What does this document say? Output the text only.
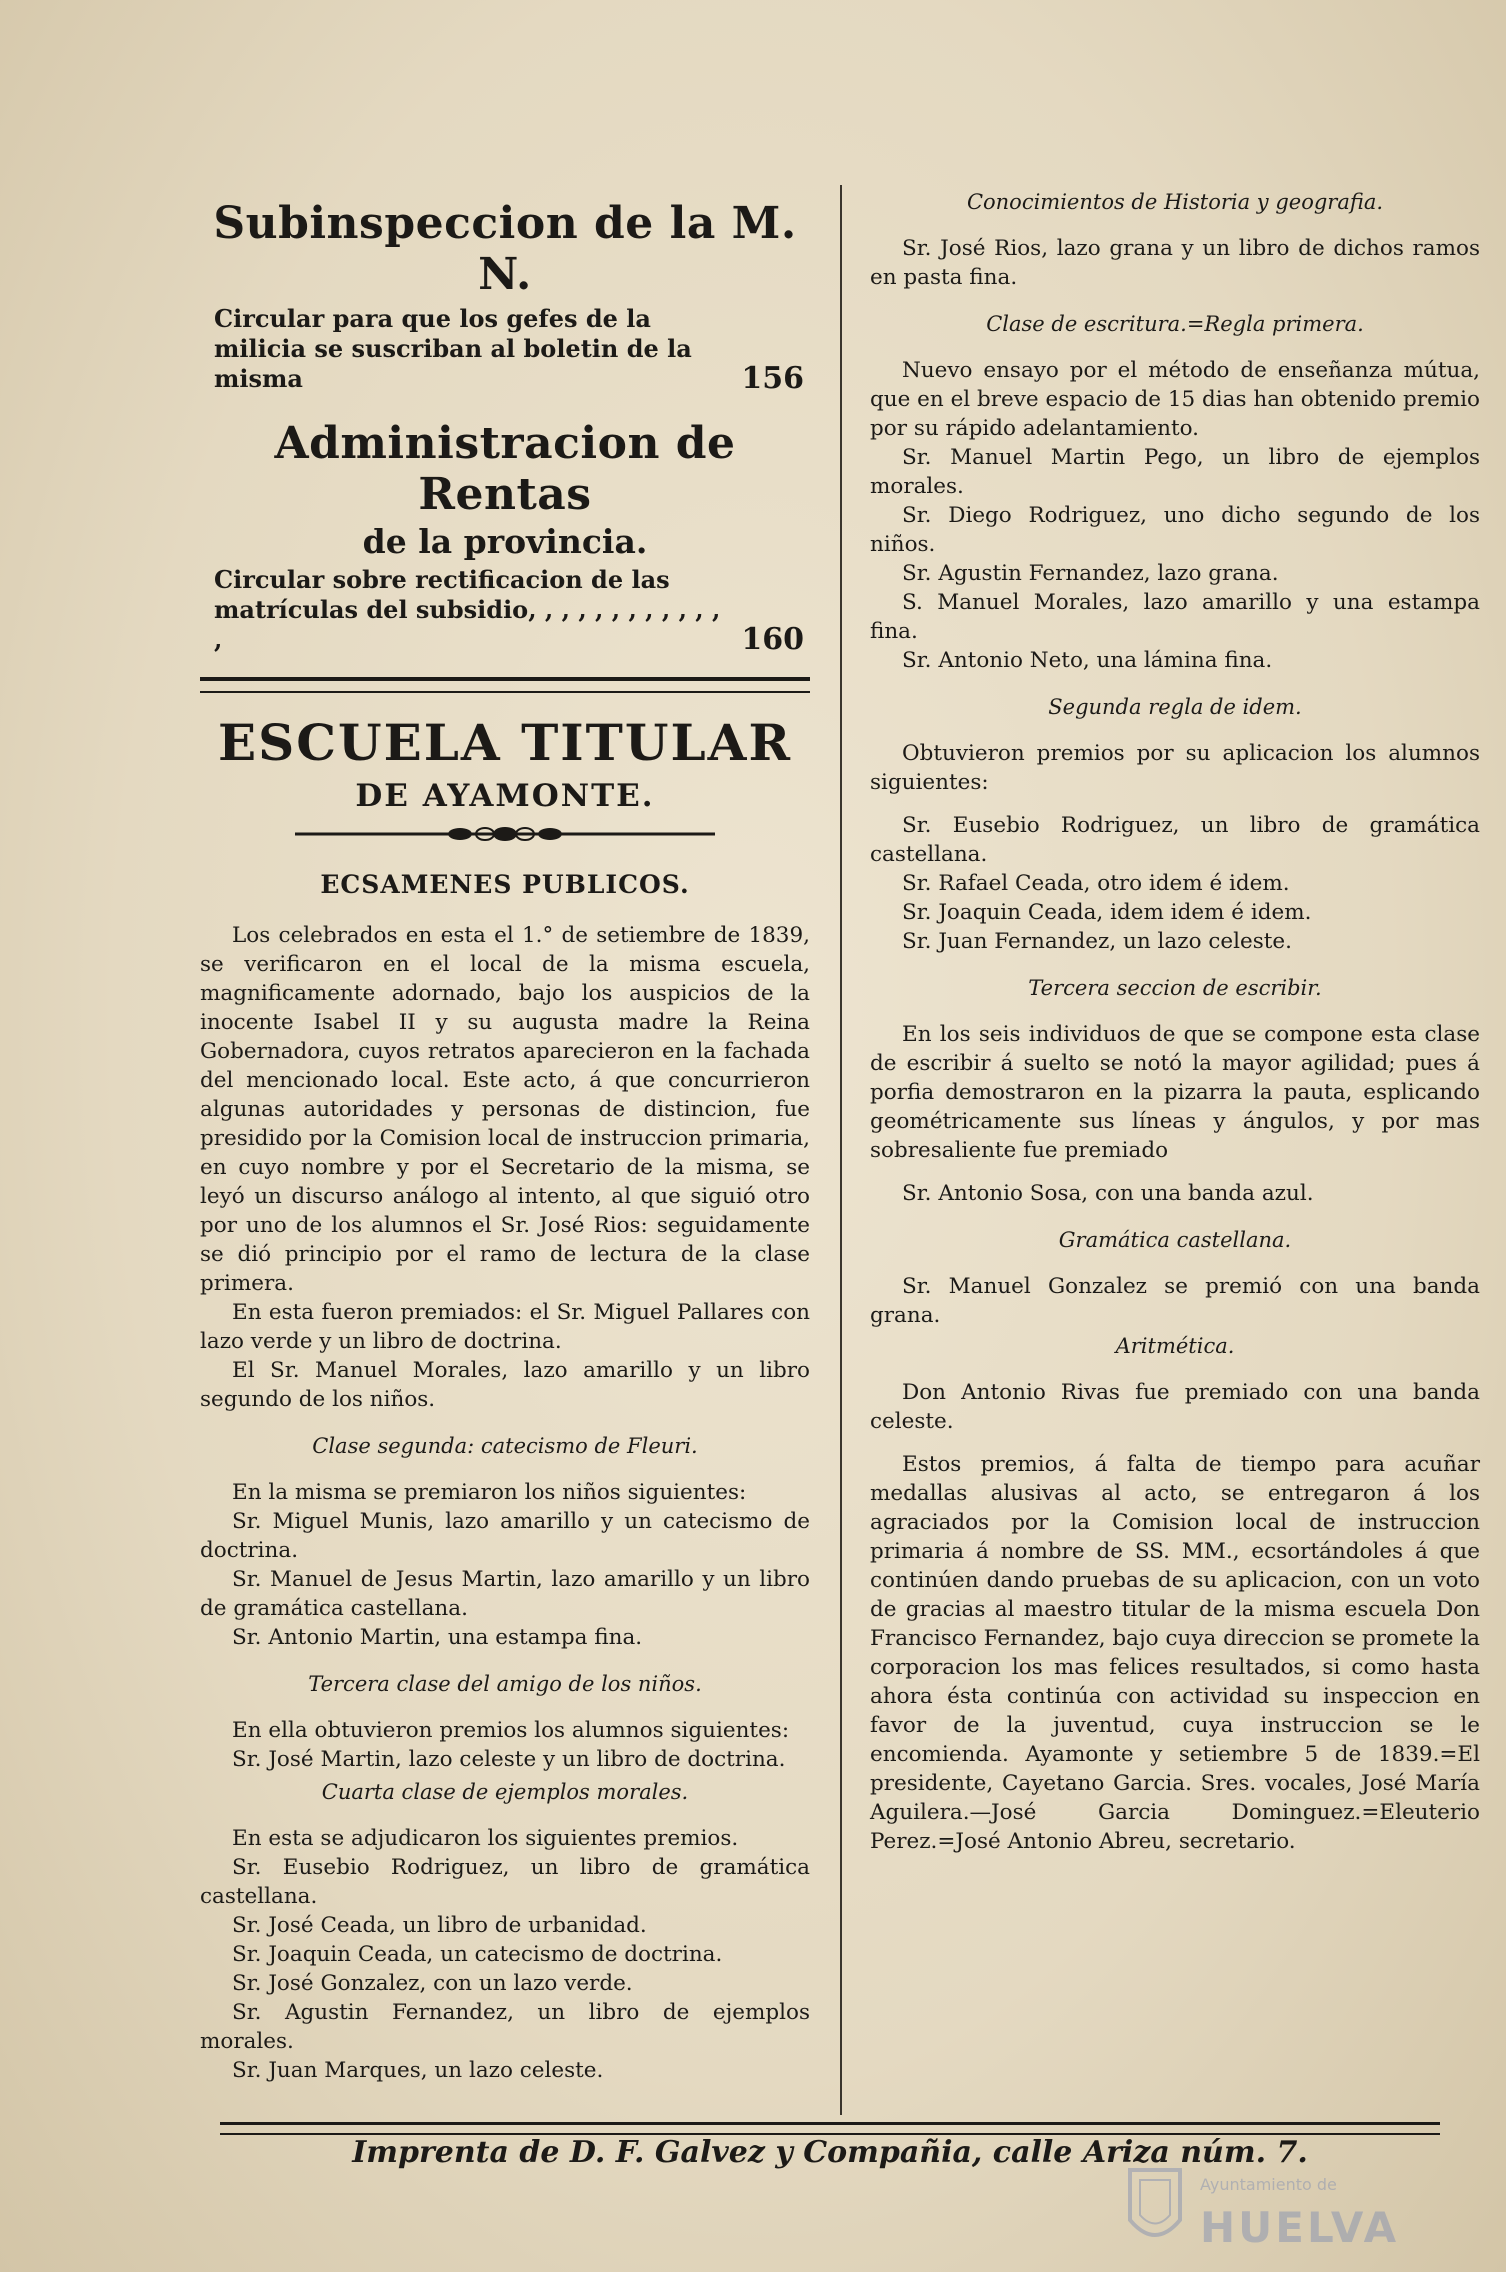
Subinspeccion de la M. N.
Circular para que los gefes de la milicia se suscriban al boletin de la misma	156
Administracion de Rentas
de la provincia.
Circular sobre rectificacion de las matrículas del subsidio, , , , , , , , , , , , ,	160
ESCUELA TITULAR
DE AYAMONTE.
ECSAMENES PUBLICOS.

Los celebrados en esta el 1.° de setiembre de 1839, se verificaron en el local de la misma escuela, magnificamente adornado, bajo los auspicios de la inocente Isabel II y su augusta madre la Reina Gobernadora, cuyos retratos aparecieron en la fachada del mencionado local. Este acto, á que concurrieron algunas autoridades y personas de distincion, fue presidido por la Comision local de instruccion primaria, en cuyo nombre y por el Secretario de la misma, se leyó un discurso análogo al intento, al que siguió otro por uno de los alumnos el Sr. José Rios: seguidamente se dió principio por el ramo de lectura de la clase primera.

En esta fueron premiados: el Sr. Miguel Pallares con lazo verde y un libro de doctrina.

El Sr. Manuel Morales, lazo amarillo y un libro segundo de los niños.

Clase segunda: catecismo de Fleuri.

En la misma se premiaron los niños siguientes:

Sr. Miguel Munis, lazo amarillo y un catecismo de doctrina.

Sr. Manuel de Jesus Martin, lazo amarillo y un libro de gramática castellana.

Sr. Antonio Martin, una estampa fina.

Tercera clase del amigo de los niños.

En ella obtuvieron premios los alumnos siguientes:

Sr. José Martin, lazo celeste y un libro de doctrina.

Cuarta clase de ejemplos morales.

En esta se adjudicaron los siguientes premios.

Sr. Eusebio Rodriguez, un libro de gramática castellana.

Sr. José Ceada, un libro de urbanidad.

Sr. Joaquin Ceada, un catecismo de doctrina.

Sr. José Gonzalez, con un lazo verde.

Sr. Agustin Fernandez, un libro de ejemplos morales.

Sr. Juan Marques, un lazo celeste.

Conocimientos de Historia y geografia.

Sr. José Rios, lazo grana y un libro de dichos ramos en pasta fina.

Clase de escritura.=Regla primera.

Nuevo ensayo por el método de enseñanza mútua, que en el breve espacio de 15 dias han obtenido premio por su rápido adelantamiento.

Sr. Manuel Martin Pego, un libro de ejemplos morales.

Sr. Diego Rodriguez, uno dicho segundo de los niños.

Sr. Agustin Fernandez, lazo grana.

S. Manuel Morales, lazo amarillo y una estampa fina.

Sr. Antonio Neto, una lámina fina.

Segunda regla de idem.

Obtuvieron premios por su aplicacion los alumnos siguientes:

Sr. Eusebio Rodriguez, un libro de gramática castellana.

Sr. Rafael Ceada, otro idem é idem.

Sr. Joaquin Ceada, idem idem é idem.

Sr. Juan Fernandez, un lazo celeste.

Tercera seccion de escribir.

En los seis individuos de que se compone esta clase de escribir á suelto se notó la mayor agilidad; pues á porfia demostraron en la pizarra la pauta, esplicando geométricamente sus líneas y ángulos, y por mas sobresaliente fue premiado

Sr. Antonio Sosa, con una banda azul.

Gramática castellana.

Sr. Manuel Gonzalez se premió con una banda grana.

Aritmética.

Don Antonio Rivas fue premiado con una banda celeste.

Estos premios, á falta de tiempo para acuñar medallas alusivas al acto, se entregaron á los agraciados por la Comision local de instruccion primaria á nombre de SS. MM., ecsortándoles á que continúen dando pruebas de su aplicacion, con un voto de gracias al maestro titular de la misma escuela Don Francisco Fernandez, bajo cuya direccion se promete la corporacion los mas felices resultados, si como hasta ahora ésta continúa con actividad su inspeccion en favor de la juventud, cuya instruccion se le encomienda. Ayamonte y setiembre 5 de 1839.=El presidente, Cayetano Garcia. Sres. vocales, José María Aguilera.—José Garcia Dominguez.=Eleuterio Perez.=José Antonio Abreu, secretario.

Imprenta de D. F. Galvez y Compañia, calle Ariza núm. 7.
Ayuntamiento de
HUELVA
